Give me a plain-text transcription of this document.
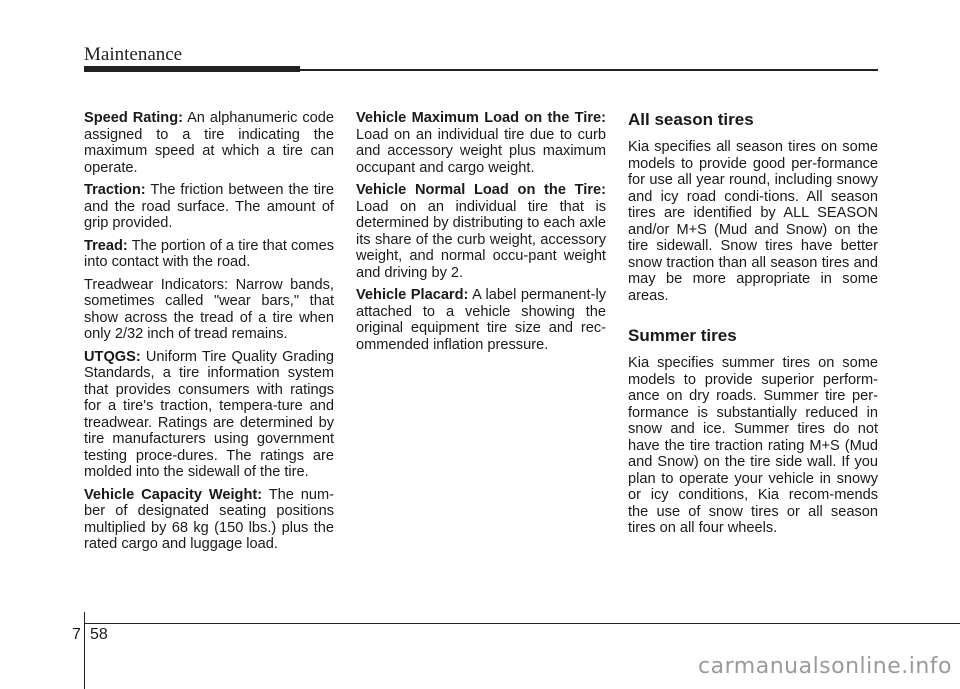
Maintenance

Speed Rating: An alphanumeric code assigned to a tire indicating the maximum speed at which a tire can operate.

Traction: The friction between the tire and the road surface. The amount of grip provided.

Tread: The portion of a tire that comes into contact with the road.

Treadwear Indicators: Narrow bands, sometimes called "wear bars," that show across the tread of a tire when only 2/32 inch of tread remains.

UTQGS: Uniform Tire Quality Grading Standards, a tire information system that provides consumers with ratings for a tire's traction, tempera-ture and treadwear. Ratings are determined by tire manufacturers using government testing proce-dures. The ratings are molded into the sidewall of the tire.

Vehicle Capacity Weight: The num-ber of designated seating positions multiplied by 68 kg (150 lbs.) plus the rated cargo and luggage load.

Vehicle Maximum Load on the Tire: Load on an individual tire due to curb and accessory weight plus maximum occupant and cargo weight.

Vehicle Normal Load on the Tire: Load on an individual tire that is determined by distributing to each axle its share of the curb weight, accessory weight, and normal occu-pant weight and driving by 2.

Vehicle Placard: A label permanent-ly attached to a vehicle showing the original equipment tire size and rec-ommended inflation pressure.

All season tires

Kia specifies all season tires on some models to provide good per-formance for use all year round, including snowy and icy road condi-tions. All season tires are identified by ALL SEASON and/or M+S (Mud and Snow) on the tire sidewall. Snow tires have better snow traction than all season tires and may be more appropriate in some areas.

Summer tires

Kia specifies summer tires on some models to provide superior perform-ance on dry roads. Summer tire per-formance is substantially reduced in snow and ice. Summer tires do not have the tire traction rating M+S (Mud and Snow) on the tire side wall. If you plan to operate your vehicle in snowy or icy conditions, Kia recom-mends the use of snow tires or all season tires on all four wheels.

7 58
carmanualsonline.info
